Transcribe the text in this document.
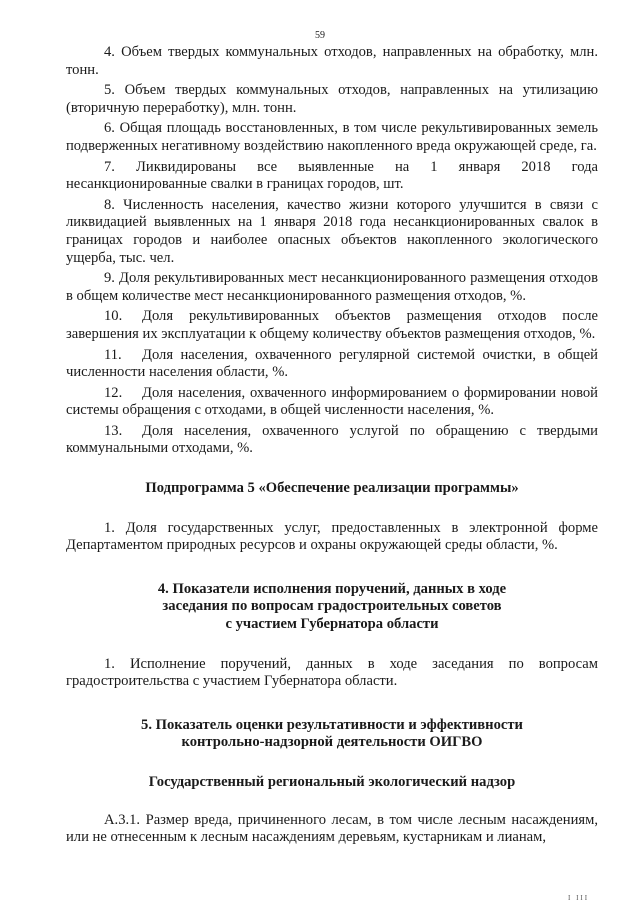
59

4. Объем твердых коммунальных отходов, направленных на обработку, млн. тонн.

5. Объем твердых коммунальных отходов, направленных на утилизацию (вторичную переработку), млн. тонн.

6. Общая площадь восстановленных, в том числе рекультивированных земель подверженных негативному воздействию накопленного вреда окружающей среде, га.

7. Ликвидированы все выявленные на 1 января 2018 года несанкционированные свалки в границах городов, шт.

8. Численность населения, качество жизни которого улучшится в связи с ликвидацией выявленных на 1 января 2018 года несанкционированных свалок в границах городов и наиболее опасных объектов накопленного экологического ущерба, тыс. чел.

9. Доля рекультивированных мест несанкционированного размещения отходов в общем количестве мест несанкционированного размещения отходов, %.

10. Доля рекультивированных объектов размещения отходов после завершения их эксплуатации к общему количеству объектов размещения отходов, %.

11. Доля населения, охваченного регулярной системой очистки, в общей численности населения области, %.

12. Доля населения, охваченного информированием о формировании новой системы обращения с отходами, в общей численности населения, %.

13. Доля населения, охваченного услугой по обращению с твердыми коммунальными отходами, %.

Подпрограмма 5 «Обеспечение реализации программы»

1. Доля государственных услуг, предоставленных в электронной форме Департаментом природных ресурсов и охраны окружающей среды области, %.

4. Показатели исполнения поручений, данных в ходе
заседания по вопросам градостроительных советов
с участием Губернатора области

1. Исполнение поручений, данных в ходе заседания по вопросам градостроительства с участием Губернатора области.

5. Показатель оценки результативности и эффективности
контрольно-надзорной деятельности ОИГВО
Государственный региональный экологический надзор

А.3.1. Размер вреда, причиненного лесам, в том числе лесным насаждениям, или не отнесенным к лесным насаждениям деревьям, кустарникам и лианам,

I III
